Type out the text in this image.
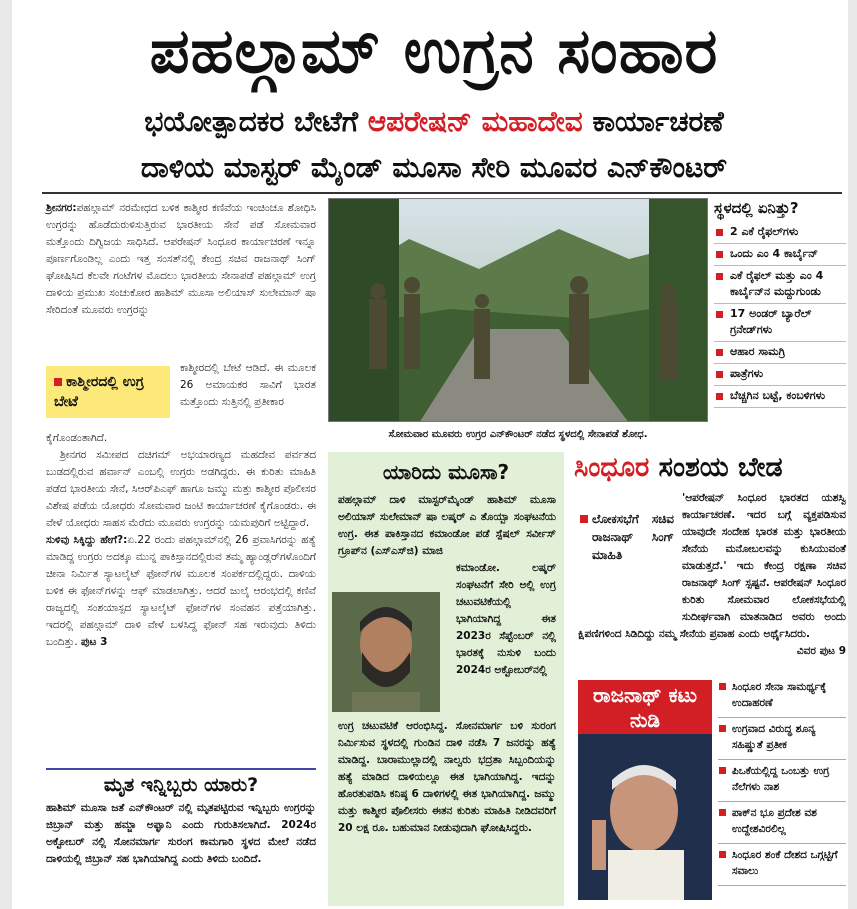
ಪಹಲ್ಗಾಮ್ ಉಗ್ರನ ಸಂಹಾರ
ಭಯೋತ್ಪಾದಕರ ಬೇಟೆಗೆ ಆಪರೇಷನ್ ಮಹಾದೇವ ಕಾರ್ಯಾಚರಣೆ
ದಾಳಿಯ ಮಾಸ್ಟರ್ ಮೈಂಡ್ ಮೂಸಾ ಸೇರಿ ಮೂವರ ಎನ್‌ಕೌಂಟರ್
ಶ್ರೀನಗರ:ಪಹಲ್ಗಾಮ್ ನರಮೇಧದ ಬಳಿಕ ಕಾಶ್ಮೀರ ಕಣಿವೆಯ ಇಂಚಿಂಚೂ ಶೋಧಿಸಿ ಉಗ್ರರನ್ನು ಹೊಡೆದುರುಳಿಸುತ್ತಿರುವ ಭಾರತೀಯ ಸೇನೆ ಪಡೆ ಸೋಮವಾರ ಮತ್ತೊಂದು ದಿಗ್ವಿಜಯ ಸಾಧಿಸಿದೆ. ಆಪರೇಷನ್ ಸಿಂಧೂರ ಕಾರ್ಯಾಚರಣೆ ಇನ್ನೂ ಪೂರ್ಣಗೊಂಡಿಲ್ಲ ಎಂದು ಇತ್ತ ಸಂಸತ್‌ನಲ್ಲಿ ಕೇಂದ್ರ ಸಚಿವ ರಾಜನಾಥ್ ಸಿಂಗ್ ಘೋಷಿಸಿದ ಕೆಲವೇ ಗಂಟೆಗಳ ಮೊದಲು ಭಾರತೀಯ ಸೇನಾಪಡೆ ಪಹಲ್ಗಾಮ್ ಉಗ್ರ ದಾಳಿಯ ಪ್ರಮುಖ ಸಂಚುಕೋರ ಹಾಶಿಮ್ ಮೂಸಾ ಅಲಿಯಾಸ್ ಸುಲೇಮಾನ್ ಷಾ ಸೇರಿದಂತೆ ಮೂವರು ಉಗ್ರರನ್ನು
ಕಾಶ್ಮೀರದಲ್ಲಿ ಉಗ್ರ ಬೇಟೆ
ಕಾಶ್ಮೀರದಲ್ಲಿ ಬೇಟೆ ಆಡಿದೆ. ಈ ಮೂಲಕ 26 ಅಮಾಯಕರ ಸಾವಿಗೆ ಭಾರತ ಮತ್ತೊಂದು ಸುತ್ತಿನಲ್ಲಿ ಪ್ರತೀಕಾರ

ಕೈಗೊಂಡಂತಾಗಿದೆ.

ಶ್ರೀನಗರ ಸಮೀಪದ ದಚಿಗಮ್ ಅಭಯಾರಣ್ಯದ ಮಹದೇವ ಪರ್ವತದ ಬುಡದಲ್ಲಿರುವ ಹರ್ವಾನ್ ಎಂಬಲ್ಲಿ ಉಗ್ರರು ಅಡಗಿದ್ದರು. ಈ ಕುರಿತು ಮಾಹಿತಿ ಪಡೆದ ಭಾರತೀಯ ಸೇನೆ, ಸಿಆರ್‌ಪಿಎಫ್ ಹಾಗೂ ಜಮ್ಮು ಮತ್ತು ಕಾಶ್ಮೀರ ಪೊಲೀಸರ ವಿಶೇಷ ಪಡೆಯ ಯೋಧರು ಸೋಮವಾರ ಜಂಟಿ ಕಾರ್ಯಾಚರಣೆ ಕೈಗೊಂಡರು. ಈ ವೇಳೆ ಯೋಧರು ಸಾಹಸ ಮೆರೆದು ಮೂವರು ಉಗ್ರರನ್ನು ಯಮಪುರಿಗೆ ಅಟ್ಟಿದ್ದಾರೆ.

ಸುಳಿವು ಸಿಕ್ಕಿದ್ದು ಹೇಗೆ?:ಏ.22 ರಂದು ಪಹಲ್ಗಾಮ್‌ನಲ್ಲಿ 26 ಪ್ರವಾಸಿಗರನ್ನು ಹತ್ಯೆ ಮಾಡಿದ್ದ ಉಗ್ರರು ಅದಕ್ಕೂ ಮುನ್ನ ಪಾಕಿಸ್ತಾನದಲ್ಲಿರುವ ತಮ್ಮ ಹ್ಯಾಂಡ್ಲರ್‌ಗಳೊಂದಿಗೆ ಚೀನಾ ನಿರ್ಮಿತ ಸ್ಯಾಟಲೈಟ್ ಫೋನ್‌ಗಳ ಮೂಲಕ ಸಂಪರ್ಕದಲ್ಲಿದ್ದರು. ದಾಳಿಯ ಬಳಿಕ ಈ ಫೋನ್‌ಗಳನ್ನು ಆಫ್ ಮಾಡಲಾಗಿತ್ತು. ಆದರೆ ಜುಲೈ ಆರಂಭದಲ್ಲಿ ಕಣಿವೆ ರಾಜ್ಯದಲ್ಲಿ ಸಂಶಯಾಸ್ಪದ ಸ್ಯಾಟಲೈಟ್ ಫೋನ್‌ಗಳ ಸಂವಹನ ಪತ್ತೆಯಾಗಿತ್ತು. ಇದರಲ್ಲಿ ಪಹಲ್ಗಾಮ್ ದಾಳಿ ವೇಳೆ ಬಳಸಿದ್ದ ಫೋನ್ ಸಹ ಇರುವುದು ತಿಳಿದು ಬಂದಿತ್ತು. ಪುಟ 3

ಸೋಮವಾರ ಮೂವರು ಉಗ್ರರ ಎನ್‌ಕೌಂಟರ್ ನಡೆದ ಸ್ಥಳದಲ್ಲಿ ಸೇನಾಪಡೆ ಶೋಧ.
ಸ್ಥಳದಲ್ಲಿ ಏನಿತ್ತು?
2 ಎಕೆ ರೈಫಲ್‌ಗಳು
ಒಂದು ಎಂ 4 ಕಾರ್ಬೈನ್
ಎಕೆ ರೈಫಲ್ ಮತ್ತು ಎಂ 4 ಕಾರ್ಬೈನ್‌ನ ಮದ್ದುಗುಂಡು
17 ಅಂಡರ್ ಬ್ಯಾರೆಲ್ ಗ್ರನೇಡ್‌ಗಳು
ಆಹಾರ ಸಾಮಗ್ರಿ
ಪಾತ್ರೆಗಳು
ಬೆಚ್ಚಗಿನ ಬಟ್ಟೆ, ಕಂಬಳಿಗಳು
ಯಾರಿದು ಮೂಸಾ?
ಪಹಲ್ಗಾಮ್ ದಾಳಿ ಮಾಸ್ಟರ್‌ಮೈಂಡ್ ಹಾಶಿಮ್ ಮೂಸಾ ಅಲಿಯಾಸ್ ಸುಲೇಮಾನ್ ಷಾ ಲಷ್ಕರ್ ಎ ತೊಯ್ಬಾ ಸಂಘಟನೆಯ ಉಗ್ರ. ಈತ ಪಾಕಿಸ್ತಾನದ ಕಮಾಂಡೋ ಪಡೆ ಸ್ಪೆಷಲ್ ಸರ್ವೀಸ್ ಗ್ರೂಪ್‌ನ (ಎಸ್‌ಎಸ್‌ಜಿ) ಮಾಜಿ
ಕಮಾಂಡೋ. ಲಷ್ಕರ್ ಸಂಘಟನೆಗೆ ಸೇರಿ ಅಲ್ಲಿ ಉಗ್ರ ಚಟುವಟಿಕೆಯಲ್ಲಿ ಭಾಗಿಯಾಗಿದ್ದ ಈತ 2023ರ ಸೆಪ್ಟೆಂಬರ್ ನಲ್ಲಿ ಭಾರತಕ್ಕೆ ನುಸುಳಿ ಬಂದು 2024ರ ಅಕ್ಟೋಬರ್‌ನಲ್ಲಿ
ಉಗ್ರ ಚಟುವಟಿಕೆ ಆರಂಭಿಸಿದ್ದ. ಸೋನಮಾರ್ಗ ಬಳಿ ಸುರಂಗ ನಿರ್ಮಿಸುವ ಸ್ಥಳದಲ್ಲಿ ಗುಂಡಿನ ದಾಳಿ ನಡೆಸಿ 7 ಜನರನ್ನು ಹತ್ಯೆ ಮಾಡಿದ್ದ. ಬಾರಾಮುಲ್ಲಾದಲ್ಲಿ ನಾಲ್ವರು ಭದ್ರತಾ ಸಿಬ್ಬಂದಿಯನ್ನು ಹತ್ಯೆ ಮಾಡಿದ ದಾಳಿಯಲ್ಲೂ ಈತ ಭಾಗಿಯಾಗಿದ್ದ. ಇದನ್ನು ಹೊರತುಪಡಿಸಿ ಕನಿಷ್ಠ 6 ದಾಳಿಗಳಲ್ಲಿ ಈತ ಭಾಗಿಯಾಗಿದ್ದ. ಜಮ್ಮು ಮತ್ತು ಕಾಶ್ಮೀರ ಪೊಲೀಸರು ಈತನ ಕುರಿತು ಮಾಹಿತಿ ನೀಡಿದವರಿಗೆ 20 ಲಕ್ಷ ರೂ. ಬಹುಮಾನ ನೀಡುವುದಾಗಿ ಘೋಷಿಸಿದ್ದರು.
ಮೃತ ಇನ್ನಿಬ್ಬರು ಯಾರು?

ಹಾಶಿಮ್ ಮೂಸಾ ಜತೆ ಎನ್‌ಕೌಂಟರ್ ನಲ್ಲಿ ಮೃತಪಟ್ಟಿರುವ ಇನ್ನಿಬ್ಬರು ಉಗ್ರರನ್ನು ಜಿಬ್ರಾನ್ ಮತ್ತು ಹಮ್ಜಾ ಅಫ್ಘಾನಿ ಎಂದು ಗುರುತಿಸಲಾಗಿದೆ. 2024ರ ಅಕ್ಟೋಬರ್ ನಲ್ಲಿ ಸೋನಮಾರ್ಗ ಸುರಂಗ ಕಾಮಗಾರಿ ಸ್ಥಳದ ಮೇಲೆ ನಡೆದ ದಾಳಿಯಲ್ಲಿ ಜಿಬ್ರಾನ್ ಸಹ ಭಾಗಿಯಾಗಿದ್ದ ಎಂದು ತಿಳಿದು ಬಂದಿದೆ.

ಸಿಂಧೂರ ಸಂಶಯ ಬೇಡ
ಲೋಕಸಭೆಗೆ ಸಚಿವ ರಾಜನಾಥ್ ಸಿಂಗ್ ಮಾಹಿತಿ
'ಆಪರೇಷನ್ ಸಿಂಧೂರ ಭಾರತದ ಯಶಸ್ವಿ ಕಾರ್ಯಾಚರಣೆ. ಇದರ ಬಗ್ಗೆ ವ್ಯಕ್ತಪಡಿಸುವ ಯಾವುದೇ ಸಂದೇಹ ಭಾರತ ಮತ್ತು ಭಾರತೀಯ ಸೇನೆಯ ಮನೋಬಲವನ್ನು ಕುಸಿಯುವಂತೆ ಮಾಡುತ್ತದೆ.' ಇದು ಕೇಂದ್ರ ರಕ್ಷಣಾ ಸಚಿವ ರಾಜನಾಥ್ ಸಿಂಗ್ ಸ್ಪಷ್ಟನೆ. ಆಪರೇಷನ್ ಸಿಂಧೂರ ಕುರಿತು ಸೋಮವಾರ ಲೋಕಸಭೆಯಲ್ಲಿ ಸುದೀರ್ಘವಾಗಿ ಮಾತನಾಡಿದ ಅವರು ಅಂದು ಕ್ಷಿಪಣಿಗಳಿಂದ ಸಿಡಿದಿದ್ದು ನಮ್ಮ ಸೇನೆಯ ಪ್ರವಾಹ ಎಂದು ಅರ್ಥೈಸಿದರು.
ವಿವರ ಪುಟ 9
ರಾಜನಾಥ್ ಕಟು ನುಡಿ
ಸಿಂಧೂರ ಸೇನಾ ಸಾಮರ್ಥ್ಯಕ್ಕೆ ಉದಾಹರಣೆ
ಉಗ್ರವಾದ ವಿರುದ್ಧ ಶೂನ್ಯ ಸಹಿಷ್ಣುತೆ ಪ್ರತೀಕ
ಪಿಒಕೆಯಲ್ಲಿದ್ದ ಒಂಬತ್ತು ಉಗ್ರ ನೆಲೆಗಳು ನಾಶ
ಪಾಕ್‌ನ ಭೂ ಪ್ರದೇಶ ವಶ ಉದ್ದೇಶವಿರಲಿಲ್ಲ
ಸಿಂಧೂರ ಶಂಕೆ ದೇಶದ ಒಗ್ಗಟ್ಟಿಗೆ ಸವಾಲು
